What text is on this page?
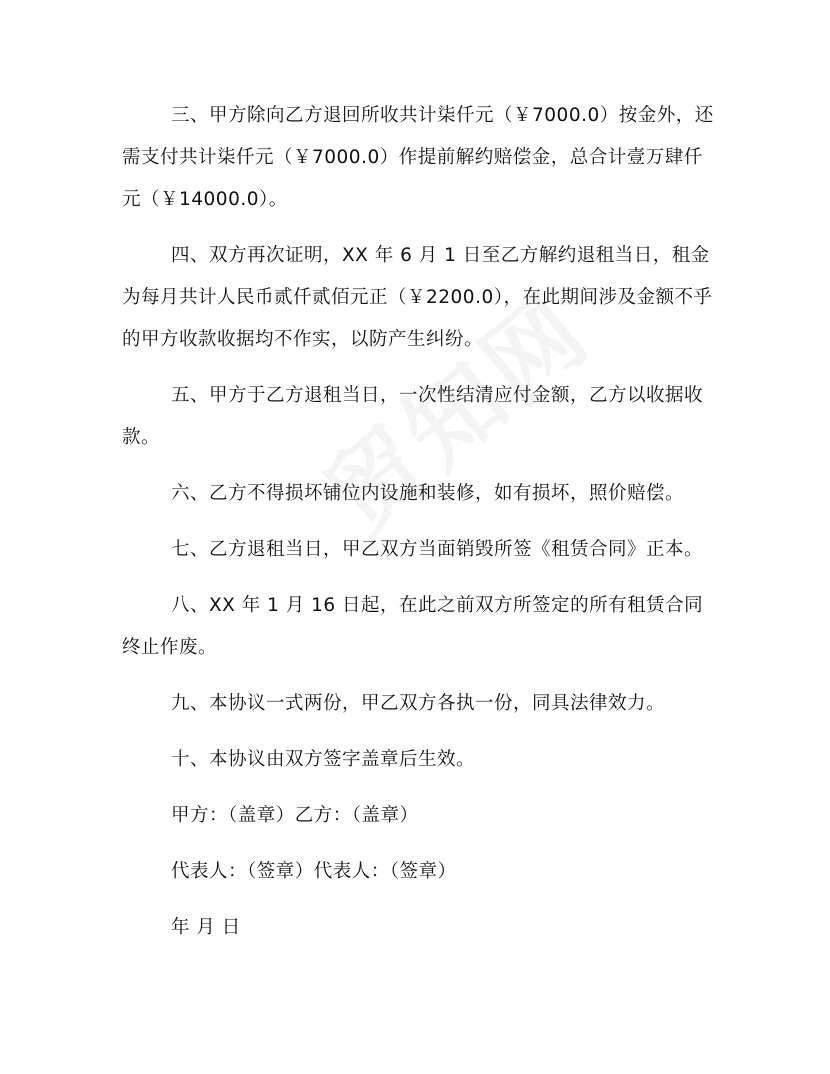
三、甲方除向乙方退回所收共计柒仟元（￥7000.0）按金外，还需支付共计柒仟元（￥7000.0）作提前解约赔偿金，总合计壹万肆仟元（￥14000.0）。

四、双方再次证明，XX 年 6 月 1 日至乙方解约退租当日，租金为每月共计人民币贰仟贰佰元正（￥2200.0），在此期间涉及金额不乎的甲方收款收据均不作实，以防产生纠纷。

五、甲方于乙方退租当日，一次性结清应付金额，乙方以收据收款。

六、乙方不得损坏铺位内设施和装修，如有损坏，照价赔偿。

七、乙方退租当日，甲乙双方当面销毁所签《租赁合同》正本。

八、XX 年 1 月 16 日起，在此之前双方所签定的所有租赁合同终止作废。

九、本协议一式两份，甲乙双方各执一份，同具法律效力。

十、本协议由双方签字盖章后生效。

甲方：（盖章）乙方：（盖章）

代表人：（签章）代表人：（签章）

年 月 日
